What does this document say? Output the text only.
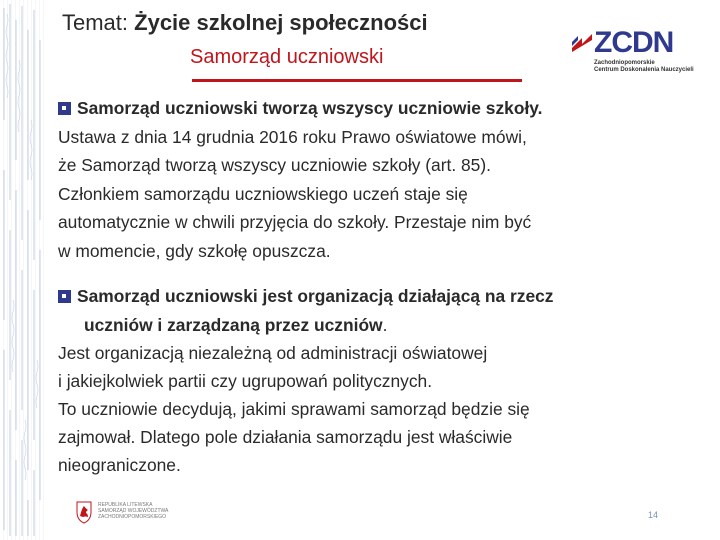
Temat: Życie szkolnej społeczności
Samorząd uczniowski	ZCDN
Zachodniopomorskie
Centrum Doskonalenia Nauczycieli

Samorząd uczniowski tworzą wszyscy uczniowie szkoły.

Ustawa z dnia 14 grudnia 2016 roku Prawo oświatowe mówi,

że Samorząd tworzą wszyscy uczniowie szkoły (art. 85).

Członkiem samorządu uczniowskiego uczeń staje się

automatycznie w chwili przyjęcia do szkoły. Przestaje nim być

w momencie, gdy szkołę opuszcza.

Samorząd uczniowski jest organizacją działającą na rzecz

uczniów i zarządzaną przez uczniów.

Jest organizacją niezależną od administracji oświatowej

i jakiejkolwiek partii czy ugrupowań politycznych.

To uczniowie decydują, jakimi sprawami samorząd będzie się

zajmował. Dlatego pole działania samorządu jest właściwie

nieograniczone.

REPUBLIKA LITEWSKA
SAMORZĄD WOJEWÓDZTWA
ZACHODNIOPOMORSKIEGO	14
